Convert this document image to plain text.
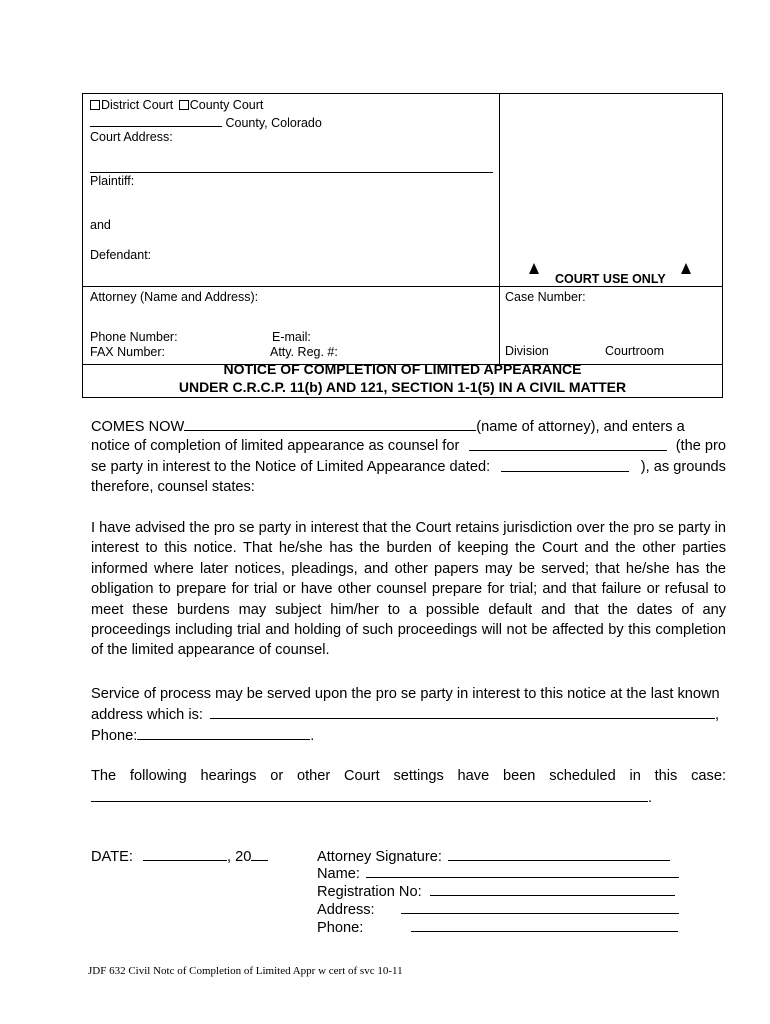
District Court County Court
County, Colorado
Court Address:
Plaintiff:
and
Defendant:
COURT USE ONLY
Attorney (Name and Address):	Case Number:
Phone Number:	E-mail:
FAX Number:	Atty. Reg. #:	Division	Courtroom
NOTICE OF COMPLETION OF LIMITED APPEARANCE
UNDER C.R.C.P. 11(b) AND 121, SECTION 1-1(5) IN A CIVIL MATTER
COMES NOW	(name of attorney), and enters a
notice of completion of limited appearance as counsel for	(the pro
se party in interest to the Notice of Limited Appearance dated:	), as grounds
therefore, counsel states:
I have advised the pro se party in interest that the Court retains jurisdiction over the pro se party in interest to this notice. That he/she has the burden of keeping the Court and the other parties informed where later notices, pleadings, and other papers may be served; that he/she has the obligation to prepare for trial or have other counsel prepare for trial; and that failure or refusal to meet these burdens may subject him/her to a possible default and that the dates of any proceedings including trial and holding of such proceedings will not be affected by this completion of the limited appearance of counsel.
Service of process may be served upon the pro se party in interest to this notice at the last known
address which is:	,
Phone:	.
The following hearings or other Court settings have been scheduled in this case:
.
DATE:	, 20	Attorney Signature:
Name:
Registration No:
Address:
Phone:
JDF 632 Civil Notc of Completion of Limited Appr w cert of svc 10-11
